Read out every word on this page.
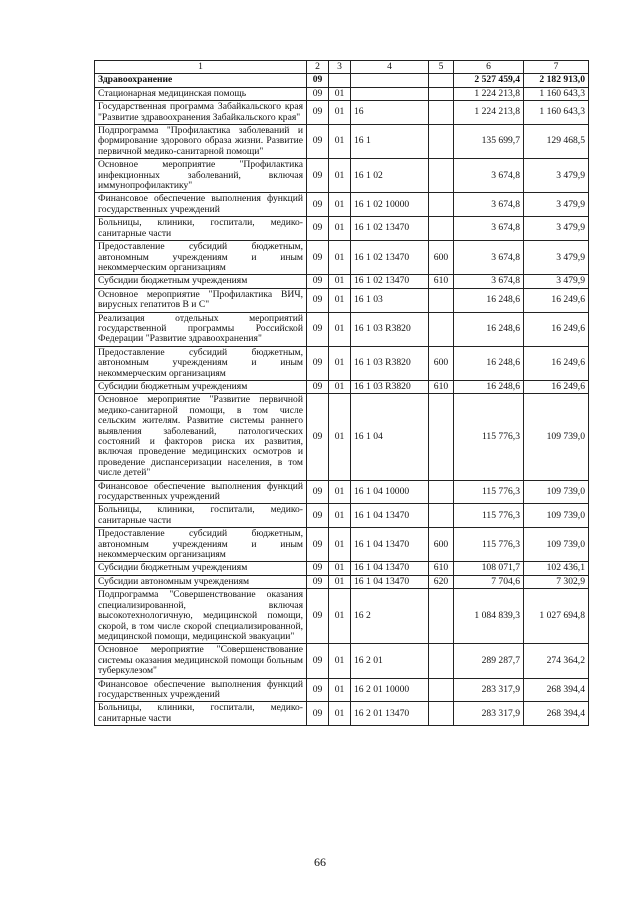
1	2	3	4	5	6	7
Здравоохранение	09				2 527 459,4	2 182 913,0
Стационарная медицинская помощь	09	01			1 224 213,8	1 160 643,3
Государственная программа Забайкальского края "Развитие здравоохранения Забайкальского края"	09	01	16		1 224 213,8	1 160 643,3
Подпрограмма "Профилактика заболеваний и формирование здорового образа жизни. Развитие первичной медико-санитарной помощи"	09	01	16 1		135 699,7	129 468,5
Основное мероприятие "Профилактика инфекционных заболеваний, включая иммунопрофилактику"	09	01	16 1 02		3 674,8	3 479,9
Финансовое обеспечение выполнения функций государственных учреждений	09	01	16 1 02 10000		3 674,8	3 479,9
Больницы, клиники, госпитали, медико-санитарные части	09	01	16 1 02 13470		3 674,8	3 479,9
Предоставление субсидий бюджетным, автономным учреждениям и иным некоммерческим организациям	09	01	16 1 02 13470	600	3 674,8	3 479,9
Субсидии бюджетным учреждениям	09	01	16 1 02 13470	610	3 674,8	3 479,9
Основное мероприятие "Профилактика ВИЧ, вирусных гепатитов В и С"	09	01	16 1 03		16 248,6	16 249,6
Реализация отдельных мероприятий государственной программы Российской Федерации "Развитие здравоохранения"	09	01	16 1 03 R3820		16 248,6	16 249,6
Предоставление субсидий бюджетным, автономным учреждениям и иным некоммерческим организациям	09	01	16 1 03 R3820	600	16 248,6	16 249,6
Субсидии бюджетным учреждениям	09	01	16 1 03 R3820	610	16 248,6	16 249,6
Основное мероприятие "Развитие первичной медико-санитарной помощи, в том числе сельским жителям. Развитие системы раннего выявления заболеваний, патологических состояний и факторов риска их развития, включая проведение медицинских осмотров и проведение диспансеризации населения, в том числе детей"	09	01	16 1 04		115 776,3	109 739,0
Финансовое обеспечение выполнения функций государственных учреждений	09	01	16 1 04 10000		115 776,3	109 739,0
Больницы, клиники, госпитали, медико-санитарные части	09	01	16 1 04 13470		115 776,3	109 739,0
Предоставление субсидий бюджетным, автономным учреждениям и иным некоммерческим организациям	09	01	16 1 04 13470	600	115 776,3	109 739,0
Субсидии бюджетным учреждениям	09	01	16 1 04 13470	610	108 071,7	102 436,1
Субсидии автономным учреждениям	09	01	16 1 04 13470	620	7 704,6	7 302,9
Подпрограмма "Совершенствование оказания специализированной, включая высокотехнологичную, медицинской помощи, скорой, в том числе скорой специализированной, медицинской помощи, медицинской эвакуации"	09	01	16 2		1 084 839,3	1 027 694,8
Основное мероприятие "Совершенствование системы оказания медицинской помощи больным туберкулезом"	09	01	16 2 01		289 287,7	274 364,2
Финансовое обеспечение выполнения функций государственных учреждений	09	01	16 2 01 10000		283 317,9	268 394,4
Больницы, клиники, госпитали, медико-санитарные части	09	01	16 2 01 13470		283 317,9	268 394,4
66
